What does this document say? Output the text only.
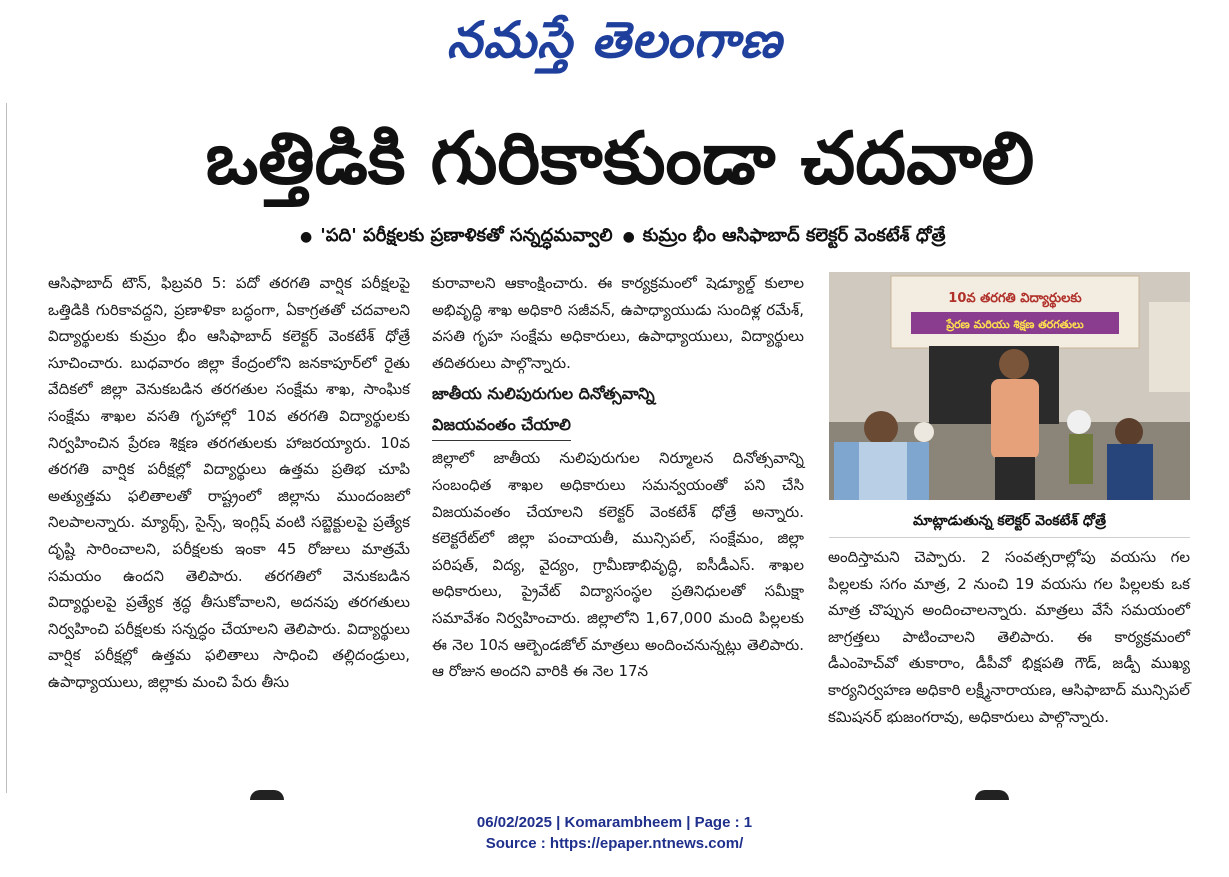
నమస్తే తెలంగాణ
ఒత్తిడికి గురికాకుండా చదవాలి
● 'పది' పరీక్షలకు ప్రణాళికతో సన్నద్ధమవ్వాలి ● కుమ్రం భీం ఆసిఫాబాద్ కలెక్టర్ వెంకటేశ్ ధోత్రే

ఆసిఫాబాద్ టౌన్, ఫిబ్రవరి 5: పదో తరగతి వార్షిక పరీక్షలపై ఒత్తిడికి గురికావద్దని, ప్రణాళికా బద్ధంగా, ఏకాగ్రతతో చదవాలని విద్యార్థులకు కుమ్రం భీం ఆసిఫాబాద్ కలెక్టర్ వెంకటేశ్ ధోత్రే సూచించారు. బుధవారం జిల్లా కేంద్రంలోని జనకాపూర్‌లో రైతు వేదికలో జిల్లా వెనుకబడిన తరగతుల సంక్షేమ శాఖ, సాంఘిక సంక్షేమ శాఖల వసతి గృహాల్లో 10వ తరగతి విద్యార్థులకు నిర్వహించిన ప్రేరణ శిక్షణ తరగతులకు హాజరయ్యారు. 10వ తరగతి వార్షిక పరీక్షల్లో విద్యార్థులు ఉత్తమ ప్రతిభ చూపి అత్యుత్తమ ఫలితాలతో రాష్ట్రంలో జిల్లాను ముందంజలో నిలపాలన్నారు. మ్యాథ్స్, సైన్స్, ఇంగ్లిష్ వంటి సబ్జెక్టులపై ప్రత్యేక దృష్టి సారించాలని, పరీక్షలకు ఇంకా 45 రోజులు మాత్రమే సమయం ఉందని తెలిపారు. తరగతిలో వెనుకబడిన విద్యార్థులపై ప్రత్యేక శ్రద్ధ తీసుకోవాలని, అదనపు తరగతులు నిర్వహించి పరీక్షలకు సన్నద్ధం చేయాలని తెలిపారు. విద్యార్థులు వార్షిక పరీక్షల్లో ఉత్తమ ఫలితాలు సాధించి తల్లిదండ్రులు, ఉపాధ్యాయులు, జిల్లాకు మంచి పేరు తీసు

కురావాలని ఆకాంక్షించారు. ఈ కార్యక్రమంలో షెడ్యూల్డ్ కులాల అభివృద్ధి శాఖ అధికారి సజీవన్, ఉపాధ్యాయుడు సుందిళ్ల రమేశ్, వసతి గృహ సంక్షేమ అధికారులు, ఉపాధ్యాయులు, విద్యార్థులు తదితరులు పాల్గొన్నారు.

జాతీయ నులిపురుగుల దినోత్సవాన్ని

విజయవంతం చేయాలి

జిల్లాలో జాతీయ నులిపురుగుల నిర్మూలన దినోత్సవాన్ని సంబంధిత శాఖల అధికారులు సమన్వయంతో పని చేసి విజయవంతం చేయాలని కలెక్టర్ వెంకటేశ్ ధోత్రే అన్నారు. కలెక్టరేట్‌లో జిల్లా పంచాయతీ, మున్సిపల్, సంక్షేమం, జిల్లా పరిషత్, విద్య, వైద్యం, గ్రామీణాభివృద్ధి, ఐసీడీఎస్. శాఖల అధికారులు, ప్రైవేట్ విద్యాసంస్థల ప్రతినిధులతో సమీక్షా సమావేశం నిర్వహించారు. జిల్లాలోని 1,67,000 మంది పిల్లలకు ఈ నెల 10న ఆల్బెండజోల్ మాత్రలు అందించనున్నట్లు తెలిపారు. ఆ రోజున అందని వారికి ఈ నెల 17న

10వ తరగతి విద్యార్థులకు
ప్రేరణ మరియు శిక్షణ తరగతులు
మాట్లాడుతున్న కలెక్టర్ వెంకటేశ్ ధోత్రే

అందిస్తామని చెప్పారు. 2 సంవత్సరాల్లోపు వయసు గల పిల్లలకు సగం మాత్ర, 2 నుంచి 19 వయసు గల పిల్లలకు ఒక మాత్ర చొప్పున అందించాలన్నారు. మాత్రలు వేసే సమయంలో జాగ్రత్తలు పాటించాలని తెలిపారు. ఈ కార్యక్రమంలో డీఎంహెచ్‌వో తుకారాం, డీపీవో భిక్షపతి గౌడ్, జడ్పీ ముఖ్య కార్యనిర్వహణ అధికారి లక్ష్మీనారాయణ, ఆసిఫాబాద్ మున్సిపల్ కమిషనర్ భుజంగరావు, అధికారులు పాల్గొన్నారు.

06/02/2025 | Komarambheem | Page : 1
Source : https://epaper.ntnews.com/
